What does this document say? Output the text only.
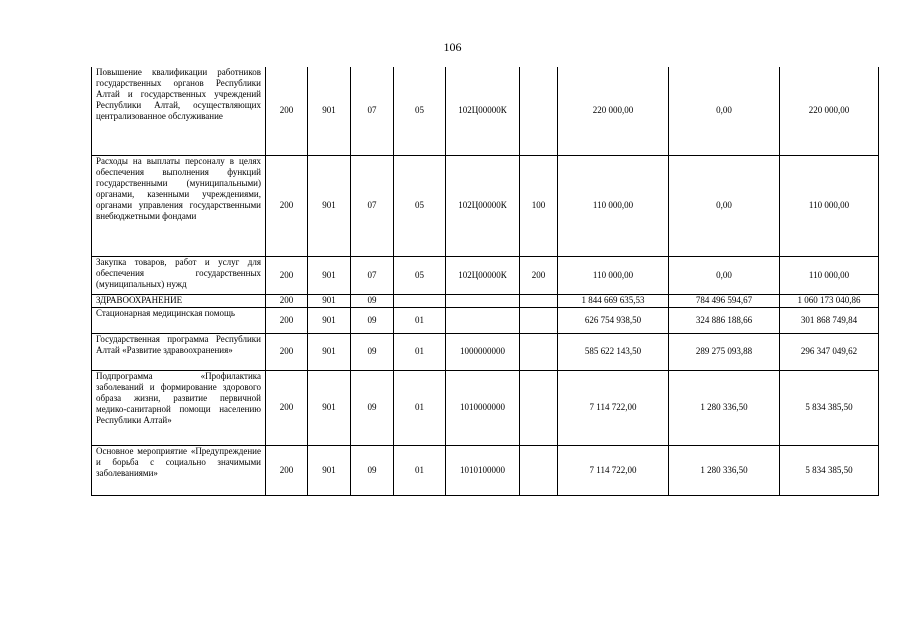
106
Повышение квалификации работников государственных органов Республики Алтай и государственных учреждений Республики Алтай, осуществляющих централизованное обслуживание	200	901	07	05	102Ц00000К		220 000,00	0,00	220 000,00
Расходы на выплаты персоналу в целях обеспечения выполнения функций государственными (муниципальными) органами, казенными учреждениями, органами управления государственными внебюджетными фондами	200	901	07	05	102Ц00000К	100	110 000,00	0,00	110 000,00
Закупка товаров, работ и услуг для обеспечения государственных (муниципальных) нужд	200	901	07	05	102Ц00000К	200	110 000,00	0,00	110 000,00
ЗДРАВООХРАНЕНИЕ	200	901	09				1 844 669 635,53	784 496 594,67	1 060 173 040,86
Стационарная медицинская помощь	200	901	09	01			626 754 938,50	324 886 188,66	301 868 749,84
Государственная программа Республики Алтай «Развитие здравоохранения»	200	901	09	01	1000000000		585 622 143,50	289 275 093,88	296 347 049,62
Подпрограмма «Профилактика заболеваний и формирование здорового образа жизни, развитие первичной медико-санитарной помощи населению Республики Алтай»	200	901	09	01	1010000000		7 114 722,00	1 280 336,50	5 834 385,50
Основное мероприятие «Предупреждение и борьба с социально значимыми заболеваниями»	200	901	09	01	1010100000		7 114 722,00	1 280 336,50	5 834 385,50
